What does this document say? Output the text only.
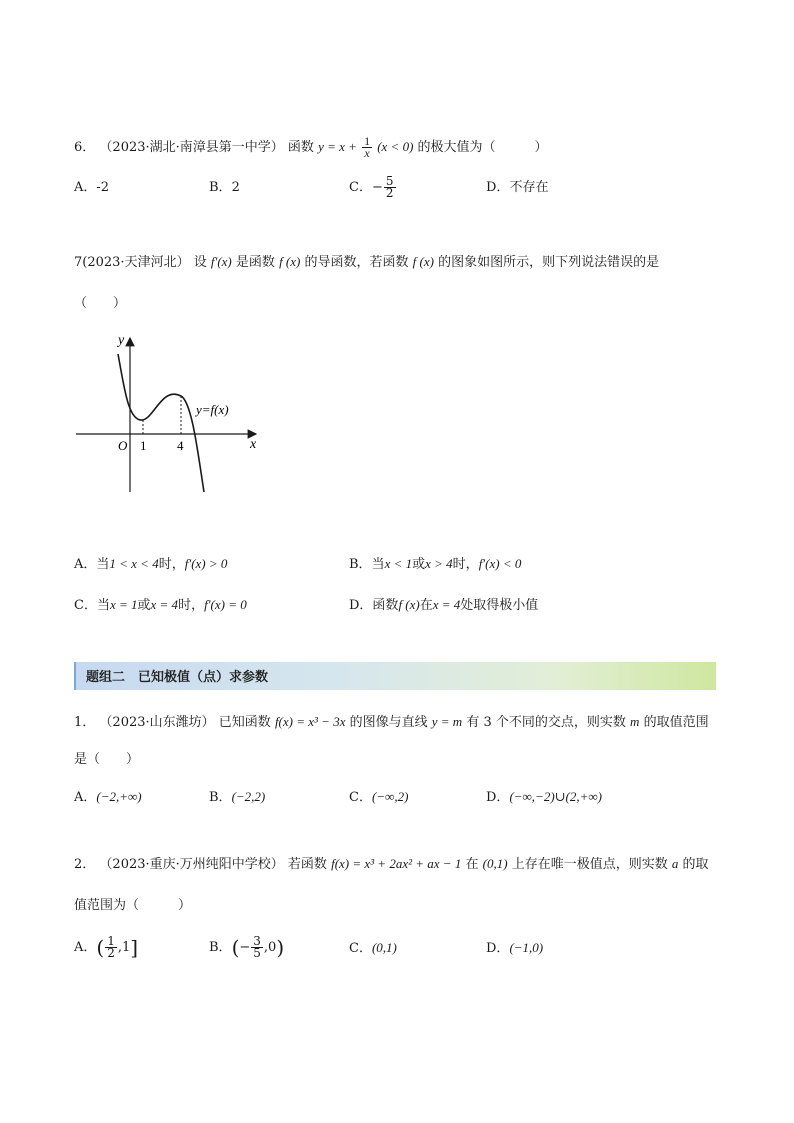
6． （2023·湖北·南漳县第一中学） 函数 $y = x + \frac{1}{x} (x < 0)$ 的极大值为（　　　）
A．-2	B．2	C．− $\frac{5}{2}$	D．不存在
7(2023·天津河北） 设 f′(x) 是函数 f (x) 的导函数，若函数 f (x) 的图象如图所示，则下列说法错误的是
（　　）
y
x
O 1 4
y=f(x)
A．当1 < x < 4时，f′(x) > 0	B．当x < 1或x > 4时，f′(x) < 0
C．当x = 1或x = 4时，f′(x) = 0	D．函数f (x)在x = 4处取得极小值
题组二　已知极值（点）求参数
1． （2023·山东潍坊） 已知函数 f(x) = x³ − 3x 的图像与直线 y = m 有 3 个不同的交点，则实数 m 的取值范围
是（　　）
A．(−2,+∞)	B．(−2,2)	C．(−∞,2)	D．(−∞,−2)∪(2,+∞)
2． （2023·重庆·万州纯阳中学校） 若函数 f(x) = x³ + 2ax² + ax − 1 在 (0,1) 上存在唯一极值点，则实数 a 的取
值范围为（　　　）
A．( $\frac{1}{2} ,1$]	B．(− $\frac{3}{5} ,0$)	C．(0,1)	D．(−1,0)
